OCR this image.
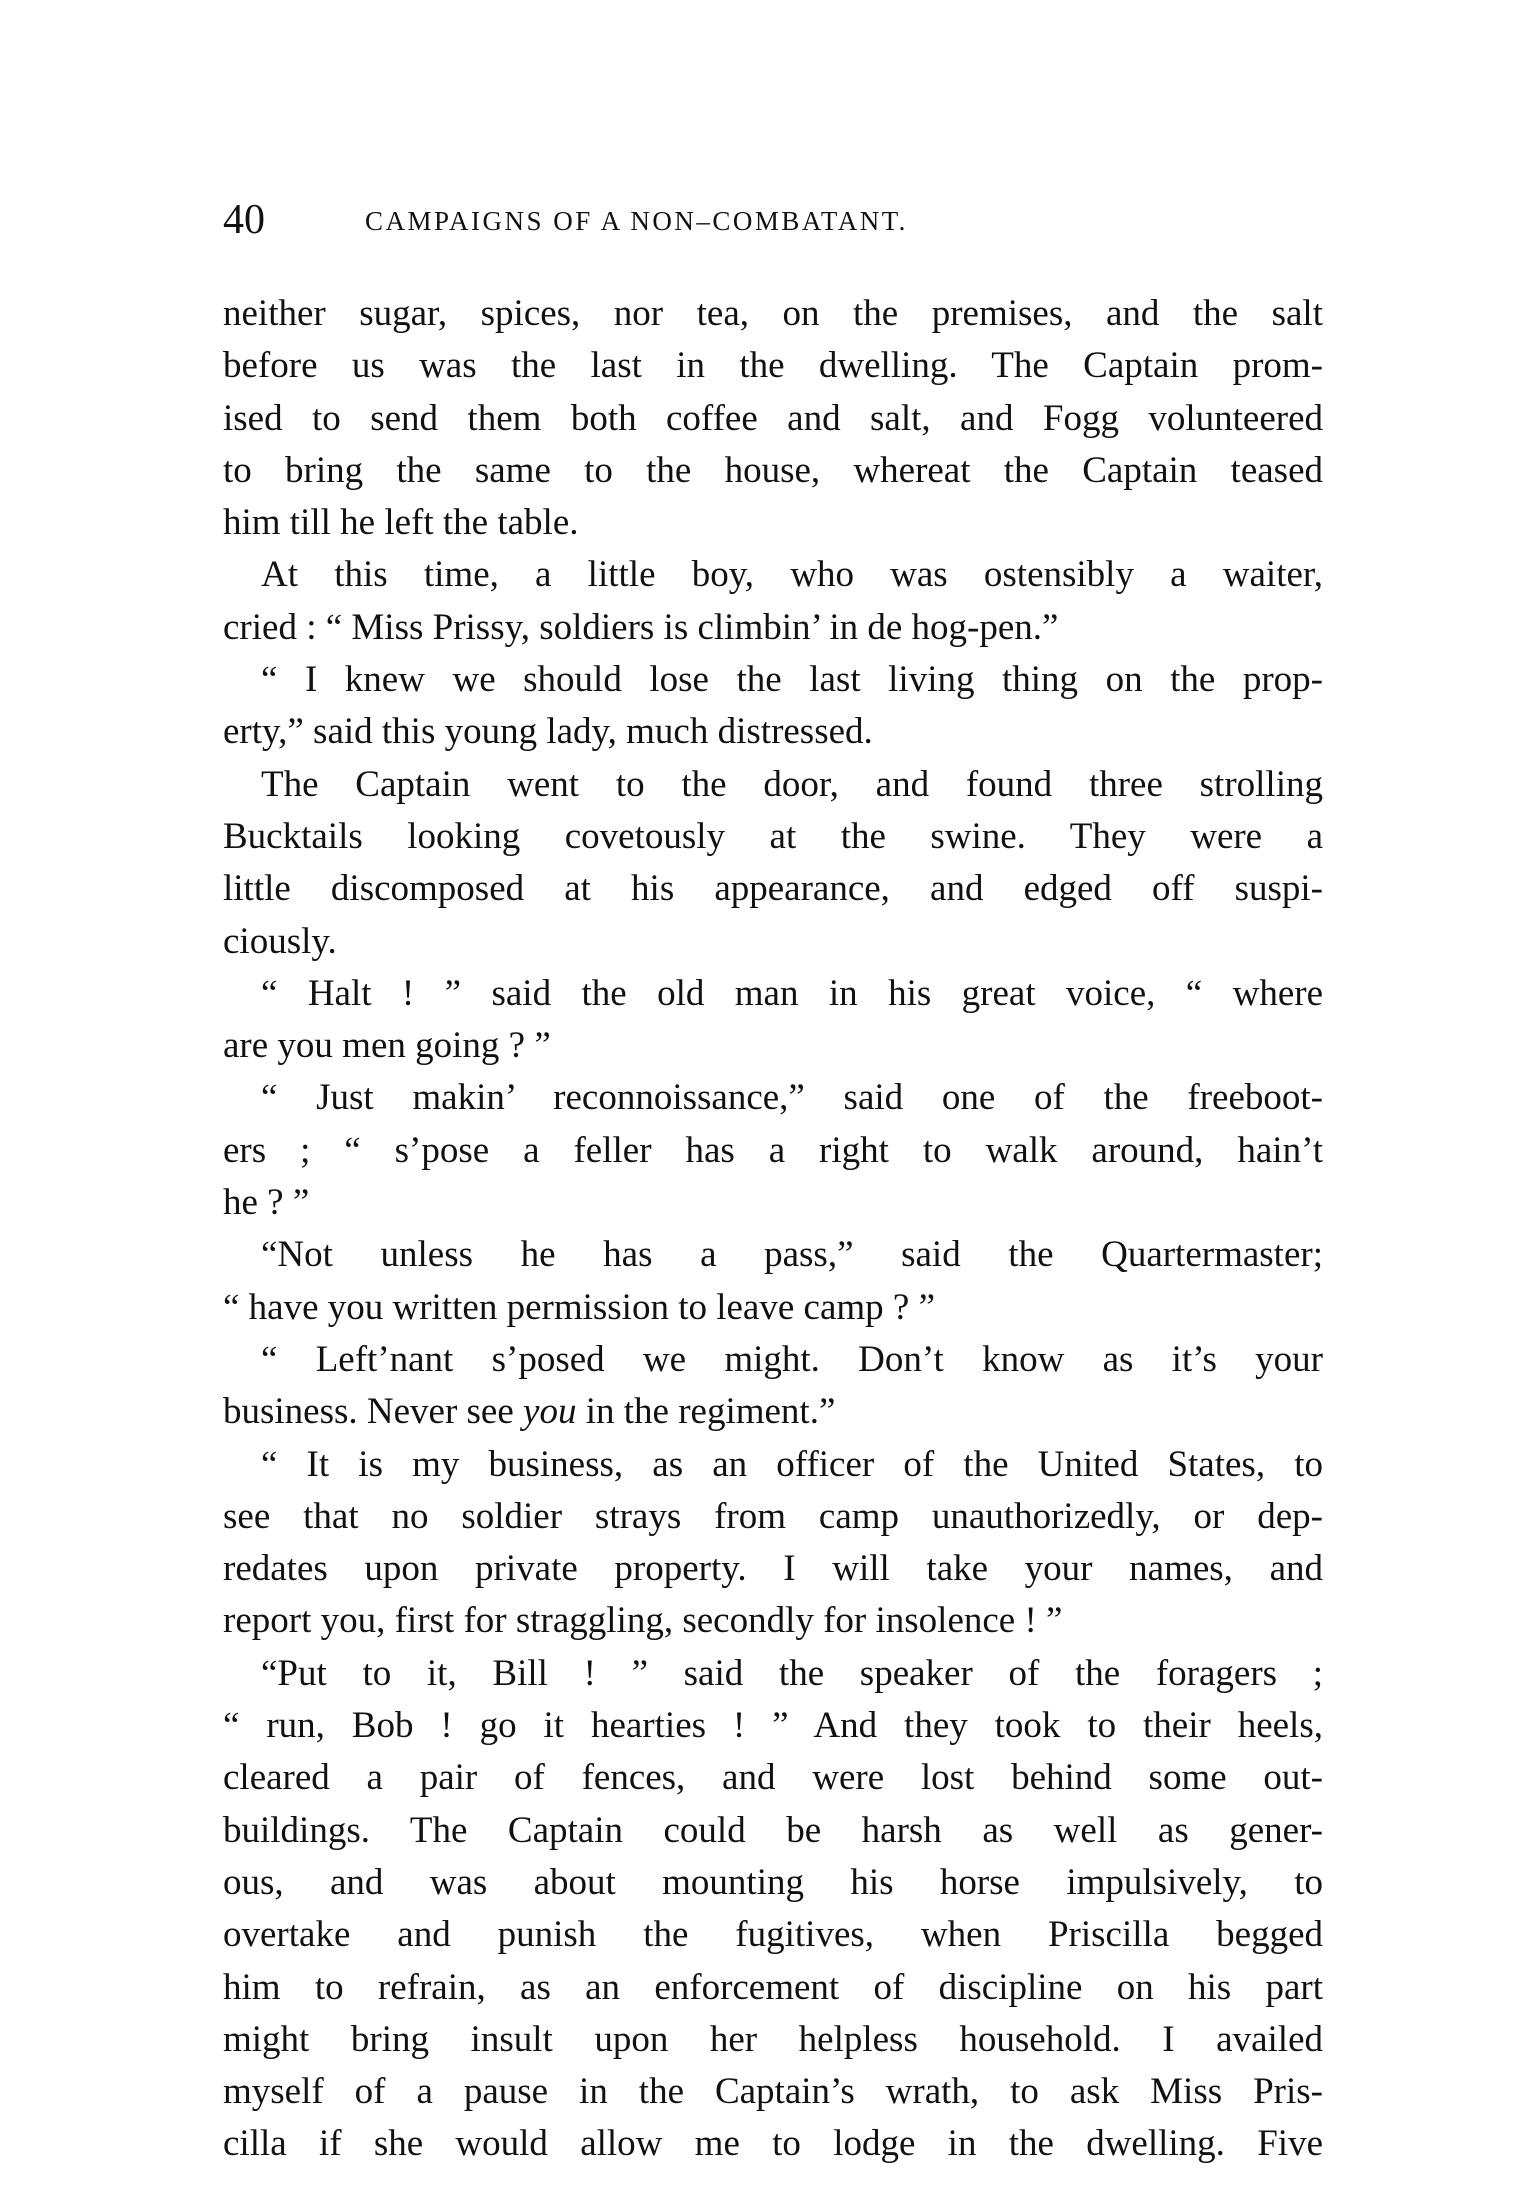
40	CAMPAIGNS OF A NON–COMBATANT.
neither sugar, spices, nor tea, on the premises, and the salt
before us was the last in the dwelling. The Captain prom-
ised to send them both coffee and salt, and Fogg volunteered
to bring the same to the house, whereat the Captain teased
him till he left the table.
At this time, a little boy, who was ostensibly a waiter,
cried : “ Miss Prissy, soldiers is climbin’ in de hog-pen.”
“ I knew we should lose the last living thing on the prop-
erty,” said this young lady, much distressed.
The Captain went to the door, and found three strolling
Bucktails looking covetously at the swine. They were a
little discomposed at his appearance, and edged off suspi-
ciously.
“ Halt ! ” said the old man in his great voice, “ where
are you men going ? ”
“ Just makin’ reconnoissance,” said one of the freeboot-
ers ; “ s’pose a feller has a right to walk around, hain’t
he ? ”
“Not unless he has a pass,” said the Quartermaster;
“ have you written permission to leave camp ? ”
“ Left’nant s’posed we might. Don’t know as it’s your
business. Never see you in the regiment.”
“ It is my business, as an officer of the United States, to
see that no soldier strays from camp unauthorizedly, or dep-
redates upon private property. I will take your names, and
report you, first for straggling, secondly for insolence ! ”
“Put to it, Bill ! ” said the speaker of the foragers ;
“ run, Bob ! go it hearties ! ” And they took to their heels,
cleared a pair of fences, and were lost behind some out-
buildings. The Captain could be harsh as well as gener-
ous, and was about mounting his horse impulsively, to
overtake and punish the fugitives, when Priscilla begged
him to refrain, as an enforcement of discipline on his part
might bring insult upon her helpless household. I availed
myself of a pause in the Captain’s wrath, to ask Miss Pris-
cilla if she would allow me to lodge in the dwelling. Five
